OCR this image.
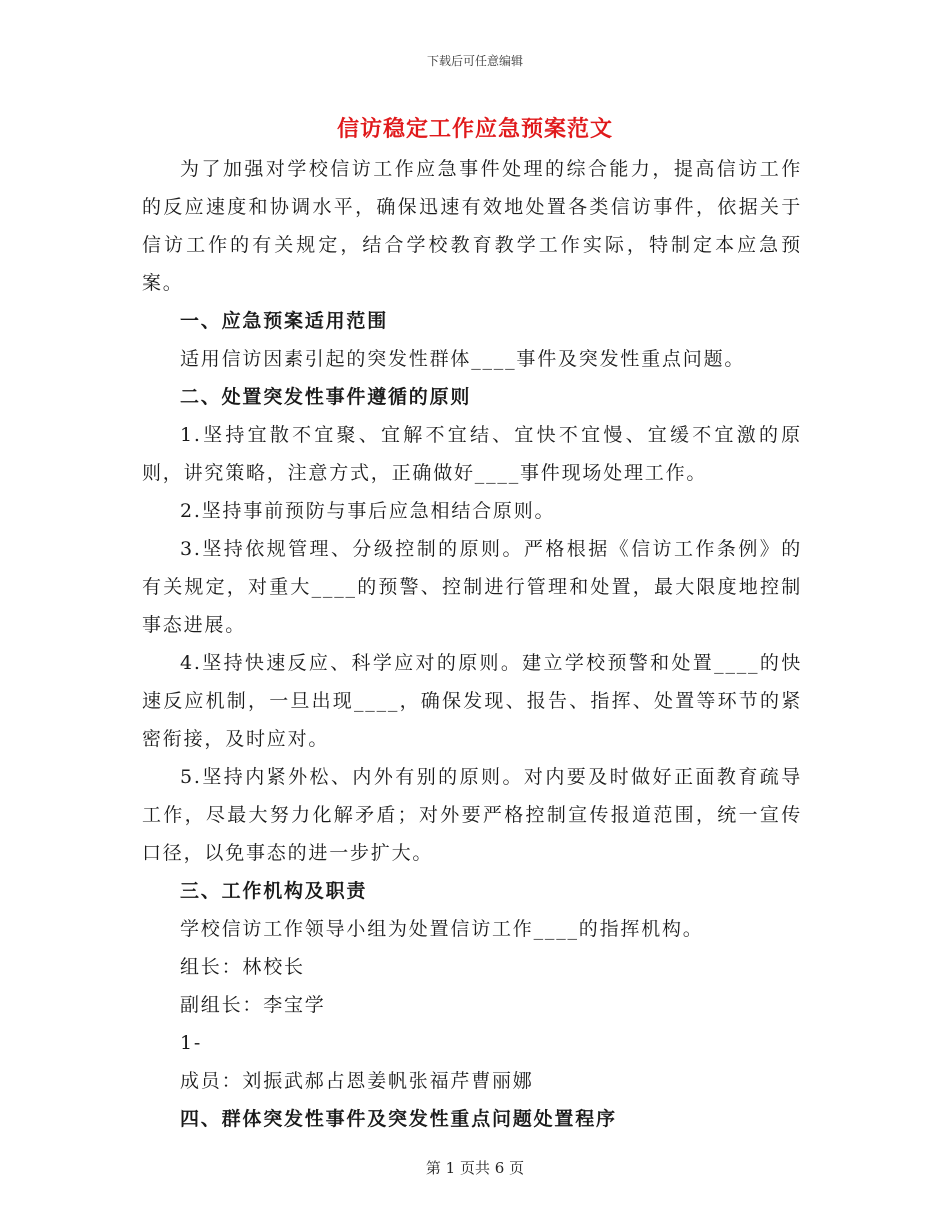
下载后可任意编辑
信访稳定工作应急预案范文

为了加强对学校信访工作应急事件处理的综合能力，提高信访工作的反应速度和协调水平，确保迅速有效地处置各类信访事件，依据关于信访工作的有关规定，结合学校教育教学工作实际，特制定本应急预案。

一、应急预案适用范围

适用信访因素引起的突发性群体____事件及突发性重点问题。

二、处置突发性事件遵循的原则

1.坚持宜散不宜聚、宜解不宜结、宜快不宜慢、宜缓不宜激的原则，讲究策略，注意方式，正确做好____事件现场处理工作。

2.坚持事前预防与事后应急相结合原则。

3.坚持依规管理、分级控制的原则。严格根据《信访工作条例》的有关规定，对重大____的预警、控制进行管理和处置，最大限度地控制事态进展。

4.坚持快速反应、科学应对的原则。建立学校预警和处置____的快速反应机制，一旦出现____，确保发现、报告、指挥、处置等环节的紧密衔接，及时应对。

5.坚持内紧外松、内外有别的原则。对内要及时做好正面教育疏导工作，尽最大努力化解矛盾；对外要严格控制宣传报道范围，统一宣传口径，以免事态的进一步扩大。

三、工作机构及职责

学校信访工作领导小组为处置信访工作____的指挥机构。

组长：林校长

副组长：李宝学

1-

成员：刘振武郝占恩姜帆张福芹曹丽娜

四、群体突发性事件及突发性重点问题处置程序

第 1 页共 6 页
